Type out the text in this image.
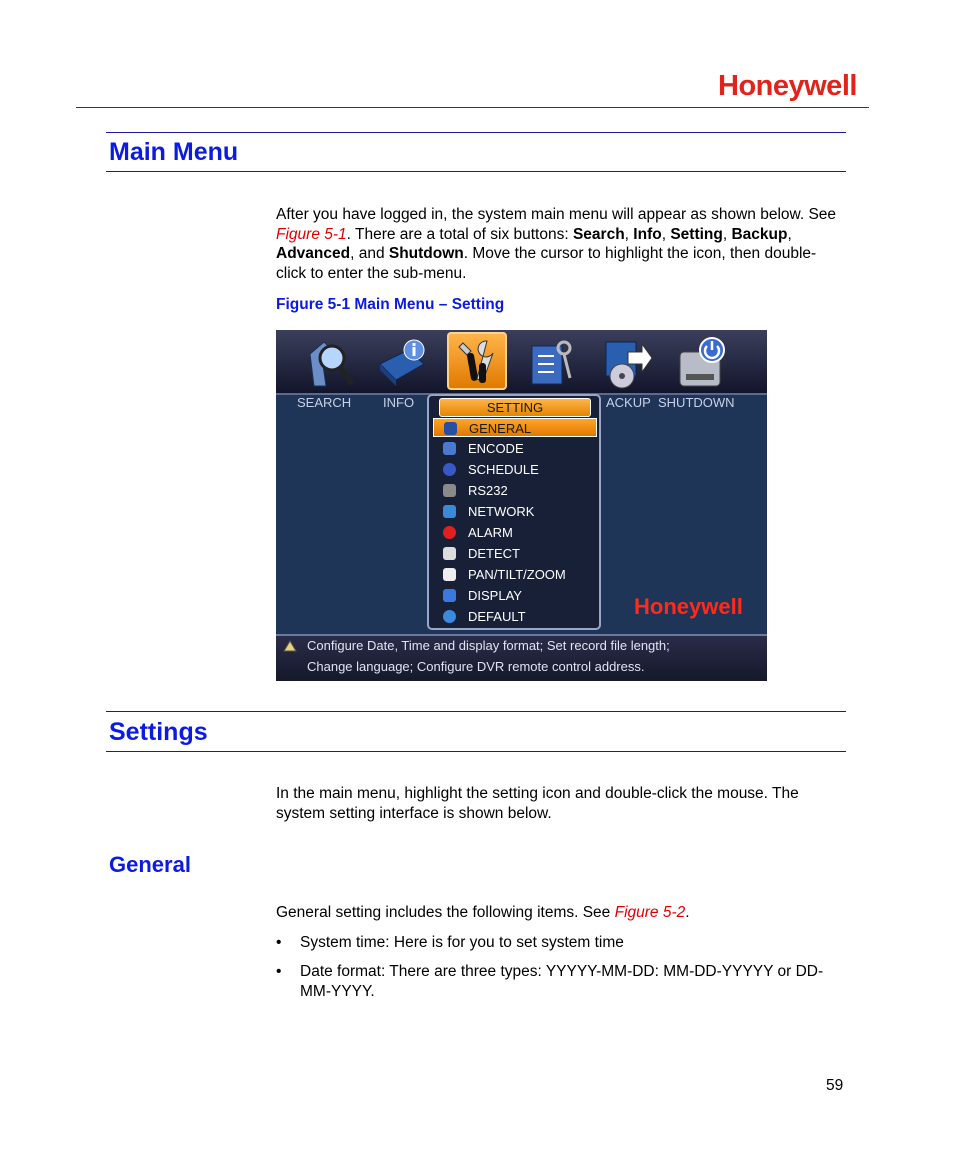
Honeywell
Main Menu
After you have logged in, the system main menu will appear as shown below. See Figure 5-1. There are a total of six buttons: Search, Info, Setting, Backup, Advanced, and Shutdown. Move the cursor to highlight the icon, then double-click to enter the sub-menu.
Figure 5-1 Main Menu – Setting
SEARCH INFO	ACKUP SHUTDOWN
SETTING
GENERAL
ENCODE
SCHEDULE
RS232
NETWORK
ALARM
DETECT
PAN/TILT/ZOOM
DISPLAY
DEFAULT	Honeywell
Configure Date, Time and display format; Set record file length;
Change language; Configure DVR remote control address.
Settings
In the main menu, highlight the setting icon and double-click the mouse. The system setting interface is shown below.
General
General setting includes the following items. See Figure 5-2.
• System time: Here is for you to set system time
• Date format: There are three types: YYYYY-MM-DD: MM-DD-YYYYY or DD-MM-YYYY.
59
